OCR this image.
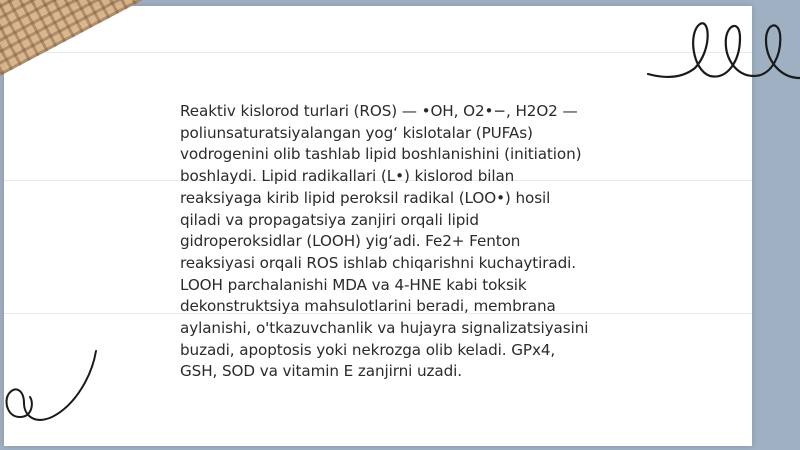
Reaktiv kislorod turlari (ROS) — •OH, O2•−, H2O2 —
poliunsaturatsiyalangan yog‘ kislotalar (PUFAs)
vodrogenini olib tashlab lipid boshlanishini (initiation)
boshlaydi. Lipid radikallari (L•) kislorod bilan
reaksiyaga kirib lipid peroksil radikal (LOO•) hosil
qiladi va propagatsiya zanjiri orqali lipid
gidroperoksidlar (LOOH) yig‘adi. Fe2+ Fenton
reaksiyasi orqali ROS ishlab chiqarishni kuchaytiradi.
LOOH parchalanishi MDA va 4-HNE kabi toksik
dekonstruktsiya mahsulotlarini beradi, membrana
aylanishi, o'tkazuvchanlik va hujayra signalizatsiyasini
buzadi, apoptosis yoki nekrozga olib keladi. GPx4,
GSH, SOD va vitamin E zanjirni uzadi.
